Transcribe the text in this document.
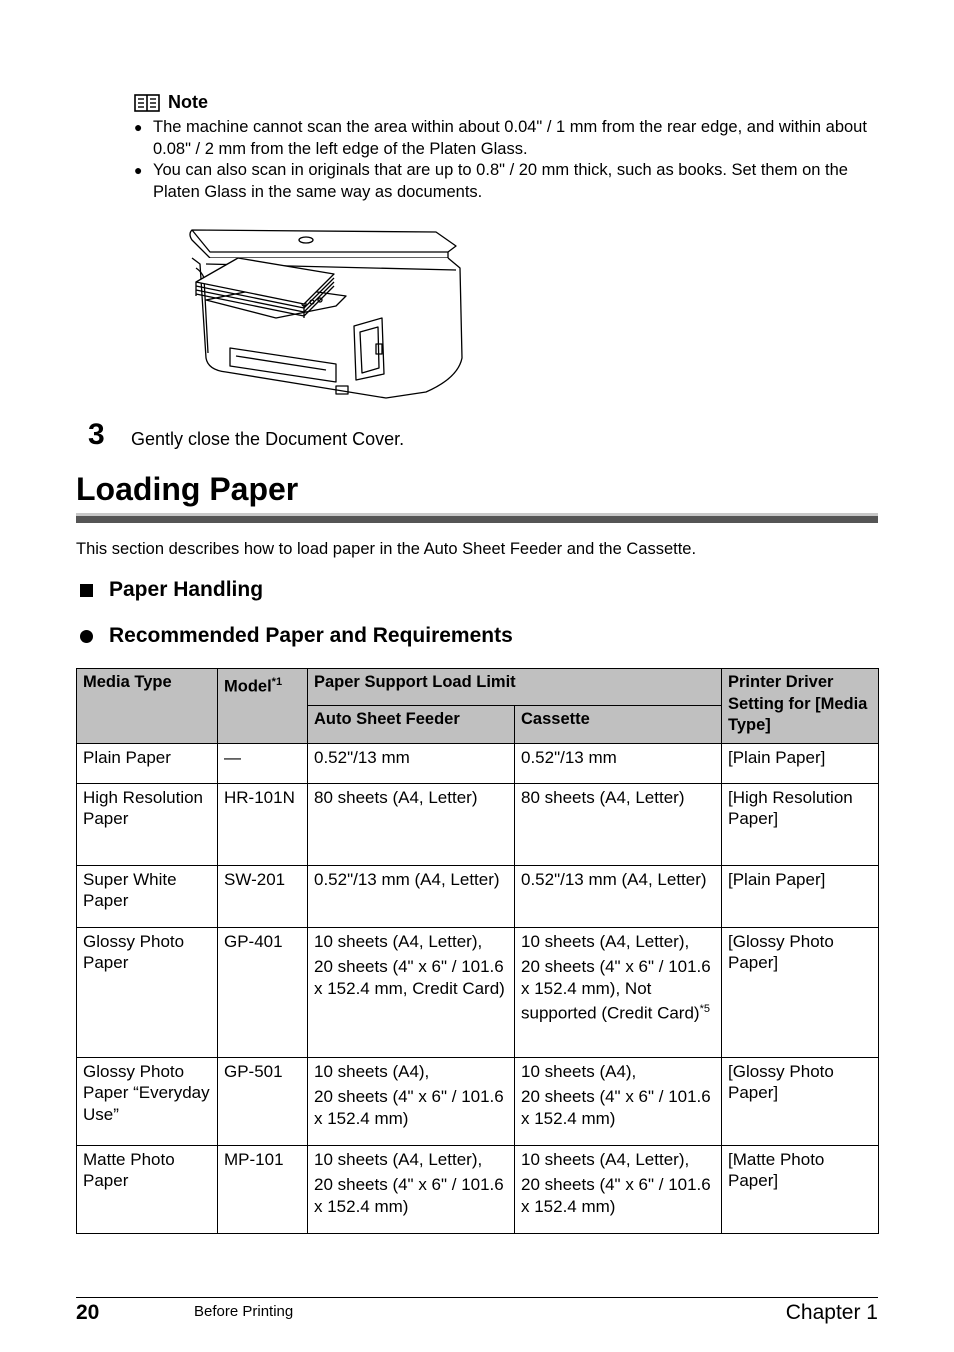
Note
● The machine cannot scan the area within about 0.04" / 1 mm from the rear edge, and within about 0.08" / 2 mm from the left edge of the Platen Glass.
● You can also scan in originals that are up to 0.8" / 20 mm thick, such as books. Set them on the Platen Glass in the same way as documents.
3 Gently close the Document Cover.
Loading Paper
This section describes how to load paper in the Auto Sheet Feeder and the Cassette.
Paper Handling
Recommended Paper and Requirements
Media Type	Model$^{*1}$	Paper Support Load Limit		Printer Driver Setting for [Media Type]
		Auto Sheet Feeder	Cassette	
Plain Paper	—	0.52"/13 mm	0.52"/13 mm	[Plain Paper]
High Resolution Paper	HR-101N	80 sheets (A4, Letter)	80 sheets (A4, Letter)	[High Resolution Paper]
Super White Paper	SW-201	0.52"/13 mm (A4, Letter)	0.52"/13 mm (A4, Letter)	[Plain Paper]
Glossy Photo Paper	GP-401	10 sheets (A4, Letter),
20 sheets (4" x 6" / 101.6 x 152.4 mm, Credit Card)	10 sheets (A4, Letter),
20 sheets (4" x 6" / 101.6 x 152.4 mm), Not supported (Credit Card)$^{*5}$	[Glossy Photo Paper]
Glossy Photo Paper “Everyday Use”	GP-501	10 sheets (A4),
20 sheets (4" x 6" / 101.6 x 152.4 mm)	10 sheets (A4),
20 sheets (4" x 6" / 101.6 x 152.4 mm)	[Glossy Photo Paper]
Matte Photo Paper	MP-101	10 sheets (A4, Letter),
20 sheets (4" x 6" / 101.6 x 152.4 mm)	10 sheets (A4, Letter),
20 sheets (4" x 6" / 101.6 x 152.4 mm)	[Matte Photo Paper]
20	Before Printing	Chapter 1
